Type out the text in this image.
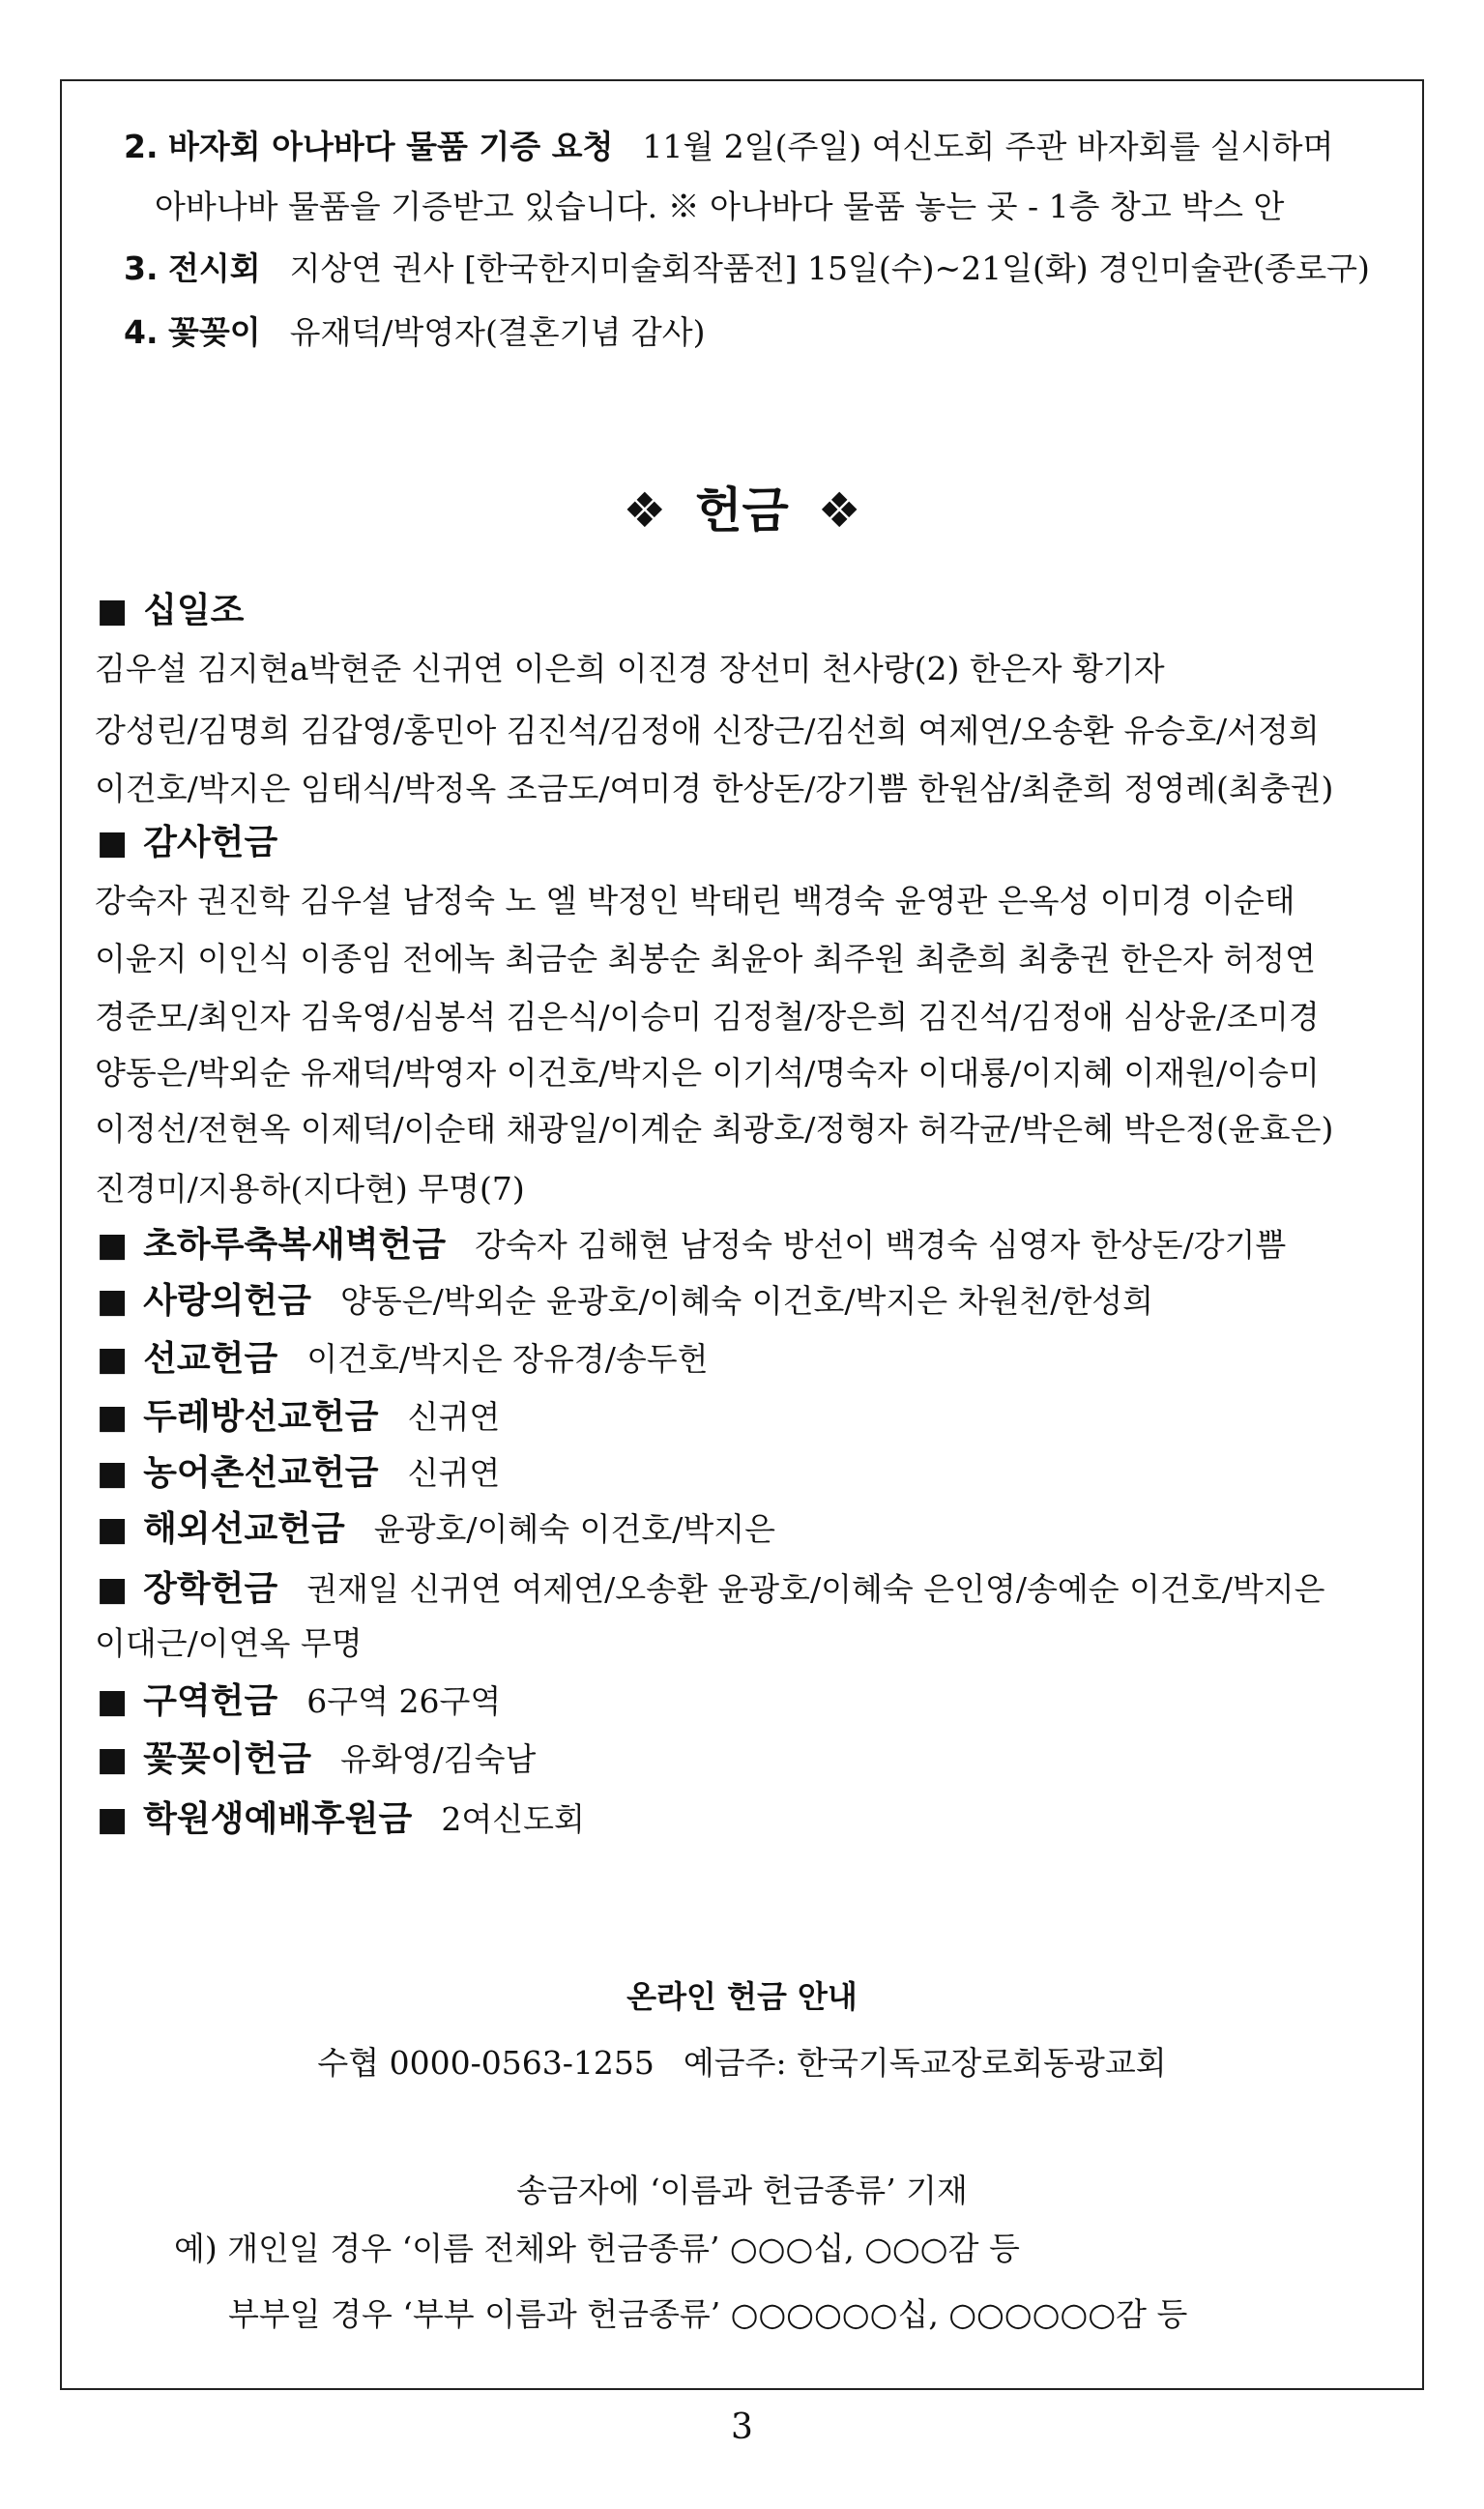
2. 바자회 아나바다 물품 기증 요청 11월 2일(주일) 여신도회 주관 바자회를 실시하며
아바나바 물품을 기증받고 있습니다. ※ 아나바다 물품 놓는 곳 - 1층 창고 박스 안
3. 전시회 지상연 권사 [한국한지미술회작품전] 15일(수)~21일(화) 경인미술관(종로구)
4. 꽃꽂이 유재덕/박영자(결혼기념 감사)
❖ 헌금 ❖
■ 십일조
김우설 김지현a박현준 신귀연 이은희 이진경 장선미 천사랑(2) 한은자 황기자
강성린/김명희 김갑영/홍민아 김진석/김정애 신장근/김선희 여제연/오송환 유승호/서정희
이건호/박지은 임태식/박정옥 조금도/여미경 한상돈/강기쁨 한원삼/최춘희 정영례(최충권)
■ 감사헌금
강숙자 권진학 김우설 남정숙 노 엘 박정인 박태린 백경숙 윤영관 은옥성 이미경 이순태
이윤지 이인식 이종임 전에녹 최금순 최봉순 최윤아 최주원 최춘희 최충권 한은자 허정연
경준모/최인자 김욱영/심봉석 김은식/이승미 김정철/장은희 김진석/김정애 심상윤/조미경
양동은/박외순 유재덕/박영자 이건호/박지은 이기석/명숙자 이대룡/이지혜 이재원/이승미
이정선/전현옥 이제덕/이순태 채광일/이계순 최광호/정형자 허각균/박은혜 박은정(윤효은)
진경미/지용하(지다현) 무명(7)
■ 초하루축복새벽헌금 강숙자 김해현 남정숙 방선이 백경숙 심영자 한상돈/강기쁨
■ 사랑의헌금 양동은/박외순 윤광호/이혜숙 이건호/박지은 차원천/한성희
■ 선교헌금 이건호/박지은 장유경/송두헌
■ 두레방선교헌금 신귀연
■ 농어촌선교헌금 신귀연
■ 해외선교헌금 윤광호/이혜숙 이건호/박지은
■ 장학헌금 권재일 신귀연 여제연/오송환 윤광호/이혜숙 은인영/송예순 이건호/박지은
이대근/이연옥 무명
■ 구역헌금 6구역 26구역
■ 꽃꽂이헌금 유화영/김숙남
■ 학원생예배후원금 2여신도회
온라인 헌금 안내
수협 0000-0563-1255 예금주: 한국기독교장로회동광교회
송금자에 ‘이름과 헌금종류’ 기재
예) 개인일 경우 ‘이름 전체와 헌금종류’ ○○○십, ○○○감 등
부부일 경우 ‘부부 이름과 헌금종류’ ○○○○○○십, ○○○○○○감 등
3
